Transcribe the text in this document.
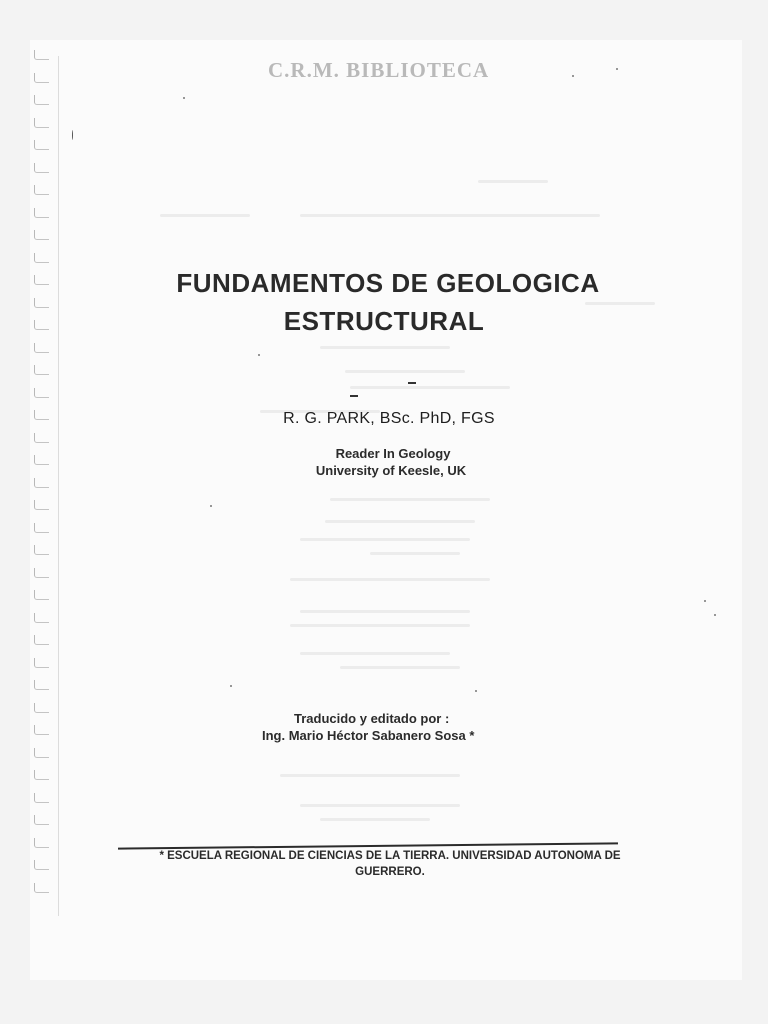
C.R.M. BIBLIOTECA
FUNDAMENTOS DE GEOLOGICA
ESTRUCTURAL
R. G. PARK, BSc. PhD, FGS
Reader In Geology
University of Keesle, UK
Traducido y editado por :
Ing. Mario Héctor Sabanero Sosa *
* ESCUELA REGIONAL DE CIENCIAS DE LA TIERRA. UNIVERSIDAD AUTONOMA DE
GUERRERO.
